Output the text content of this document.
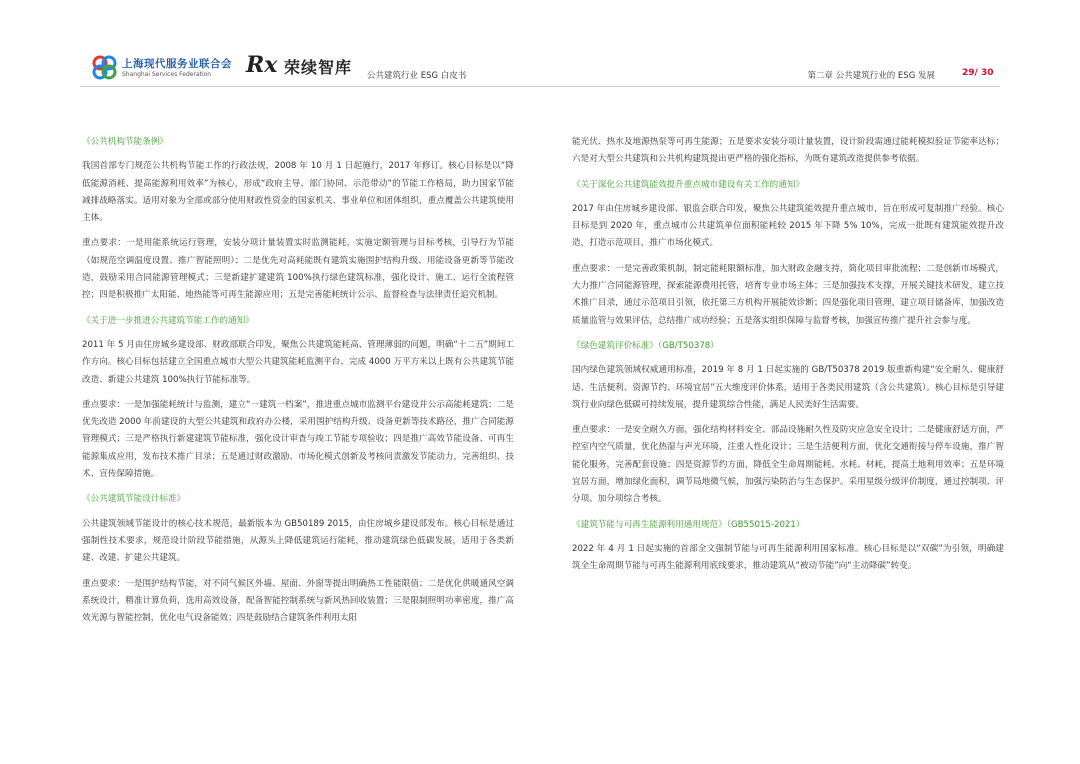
上海现代服务业联合会
Shanghai Services Federation Rx 荣续智库 公共建筑行业 ESG 白皮书	第二章 公共建筑行业的 ESG 发展	29/ 30

《公共机构节能条例》

我国首部专门规范公共机构节能工作的行政法规，2008 年 10 月 1 日起施行，2017 年修订。核心目标是以“降低能源消耗、提高能源利用效率”为核心，形成“政府主导、部门协同、示范带动”的节能工作格局，助力国家节能减排战略落实。适用对象为全部或部分使用财政性资金的国家机关、事业单位和团体组织，重点覆盖公共建筑使用主体。

重点要求：一是用能系统运行管理，安装分项计量装置实时监测能耗，实施定额管理与目标考核，引导行为节能（如规范空调温度设置、推广智能照明）；二是优先对高耗能既有建筑实施围护结构升级、用能设备更新等节能改造，鼓励采用合同能源管理模式；三是新建扩建建筑 100%执行绿色建筑标准，强化设计、施工、运行全流程管控；四是积极推广太阳能、地热能等可再生能源应用；五是完善能耗统计公示、监督检查与法律责任追究机制。

《关于进一步推进公共建筑节能工作的通知》

2011 年 5 月由住房城乡建设部、财政部联合印发，聚焦公共建筑能耗高、管理薄弱的问题，明确“十二五”期间工作方向。核心目标包括建立全国重点城市大型公共建筑能耗监测平台、完成 4000 万平方米以上既有公共建筑节能改造、新建公共建筑 100%执行节能标准等。

重点要求：一是加强能耗统计与监测，建立“一建筑一档案”，推进重点城市监测平台建设并公示高能耗建筑；二是优先改造 2000 年前建设的大型公共建筑和政府办公楼，采用围护结构升级、设备更新等技术路径，推广合同能源管理模式；三是严格执行新建建筑节能标准，强化设计审查与竣工节能专项验收；四是推广高效节能设备、可再生能源集成应用，发布技术推广目录；五是通过财政激励、市场化模式创新及考核问责激发节能动力，完善组织、技术、宣传保障措施。

《公共建筑节能设计标准》

公共建筑领域节能设计的核心技术规范，最新版本为 GB50189 2015，由住房城乡建设部发布。核心目标是通过强制性技术要求，规范设计阶段节能措施，从源头上降低建筑运行能耗，推动建筑绿色低碳发展，适用于各类新建、改建、扩建公共建筑。

重点要求：一是围护结构节能，对不同气候区外墙、屋面、外窗等提出明确热工性能限值；二是优化供暖通风空调系统设计，精准计算负荷，选用高效设备，配备智能控制系统与新风热回收装置；三是限制照明功率密度，推广高效光源与智能控制，优化电气设备能效；四是鼓励结合建筑条件利用太阳

能光伏、热水及地源热泵等可再生能源；五是要求安装分项计量装置，设计阶段需通过能耗模拟验证节能率达标；六是对大型公共建筑和公共机构建筑提出更严格的强化指标，为既有建筑改造提供参考依据。

《关于深化公共建筑能效提升重点城市建设有关工作的通知》

2017 年由住房城乡建设部、银监会联合印发，聚焦公共建筑能效提升重点城市，旨在形成可复制推广经验。核心目标是到 2020 年，重点城市公共建筑单位面积能耗较 2015 年下降 5% 10%，完成一批既有建筑能效提升改造，打造示范项目，推广市场化模式。

重点要求：一是完善政策机制，制定能耗限额标准，加大财政金融支持，简化项目审批流程；二是创新市场模式，大力推广合同能源管理，探索能源费用托管，培育专业市场主体；三是加强技术支撑，开展关键技术研发，建立技术推广目录，通过示范项目引领，依托第三方机构开展能效诊断；四是强化项目管理，建立项目储备库，加强改造质量监管与效果评估，总结推广成功经验；五是落实组织保障与监督考核，加强宣传推广提升社会参与度。

《绿色建筑评价标准》（GB/T50378）

国内绿色建筑领域权威通用标准，2019 年 8 月 1 日起实施的 GB/T50378 2019 版重新构建“安全耐久、健康舒适、生活便利、资源节约、环境宜居”五大维度评价体系，适用于各类民用建筑（含公共建筑）。核心目标是引导建筑行业向绿色低碳可持续发展，提升建筑综合性能，满足人民美好生活需要。

重点要求：一是安全耐久方面，强化结构材料安全、部品设施耐久性及防灾应急安全设计；二是健康舒适方面，严控室内空气质量，优化热湿与声光环境，注重人性化设计；三是生活便利方面，优化交通衔接与停车设施，推广智能化服务，完善配套设施；四是资源节约方面，降低全生命周期能耗、水耗、材耗，提高土地利用效率；五是环境宜居方面，增加绿化面积，调节局地微气候，加强污染防治与生态保护。采用星级分级评价制度，通过控制项、评分项、加分项综合考核。

《建筑节能与可再生能源利用通用规范》（GB55015-2021）

2022 年 4 月 1 日起实施的首部全文强制节能与可再生能源利用国家标准。核心目标是以“双碳”为引领，明确建筑全生命周期节能与可再生能源利用底线要求，推动建筑从“被动节能”向“主动降碳”转变。
